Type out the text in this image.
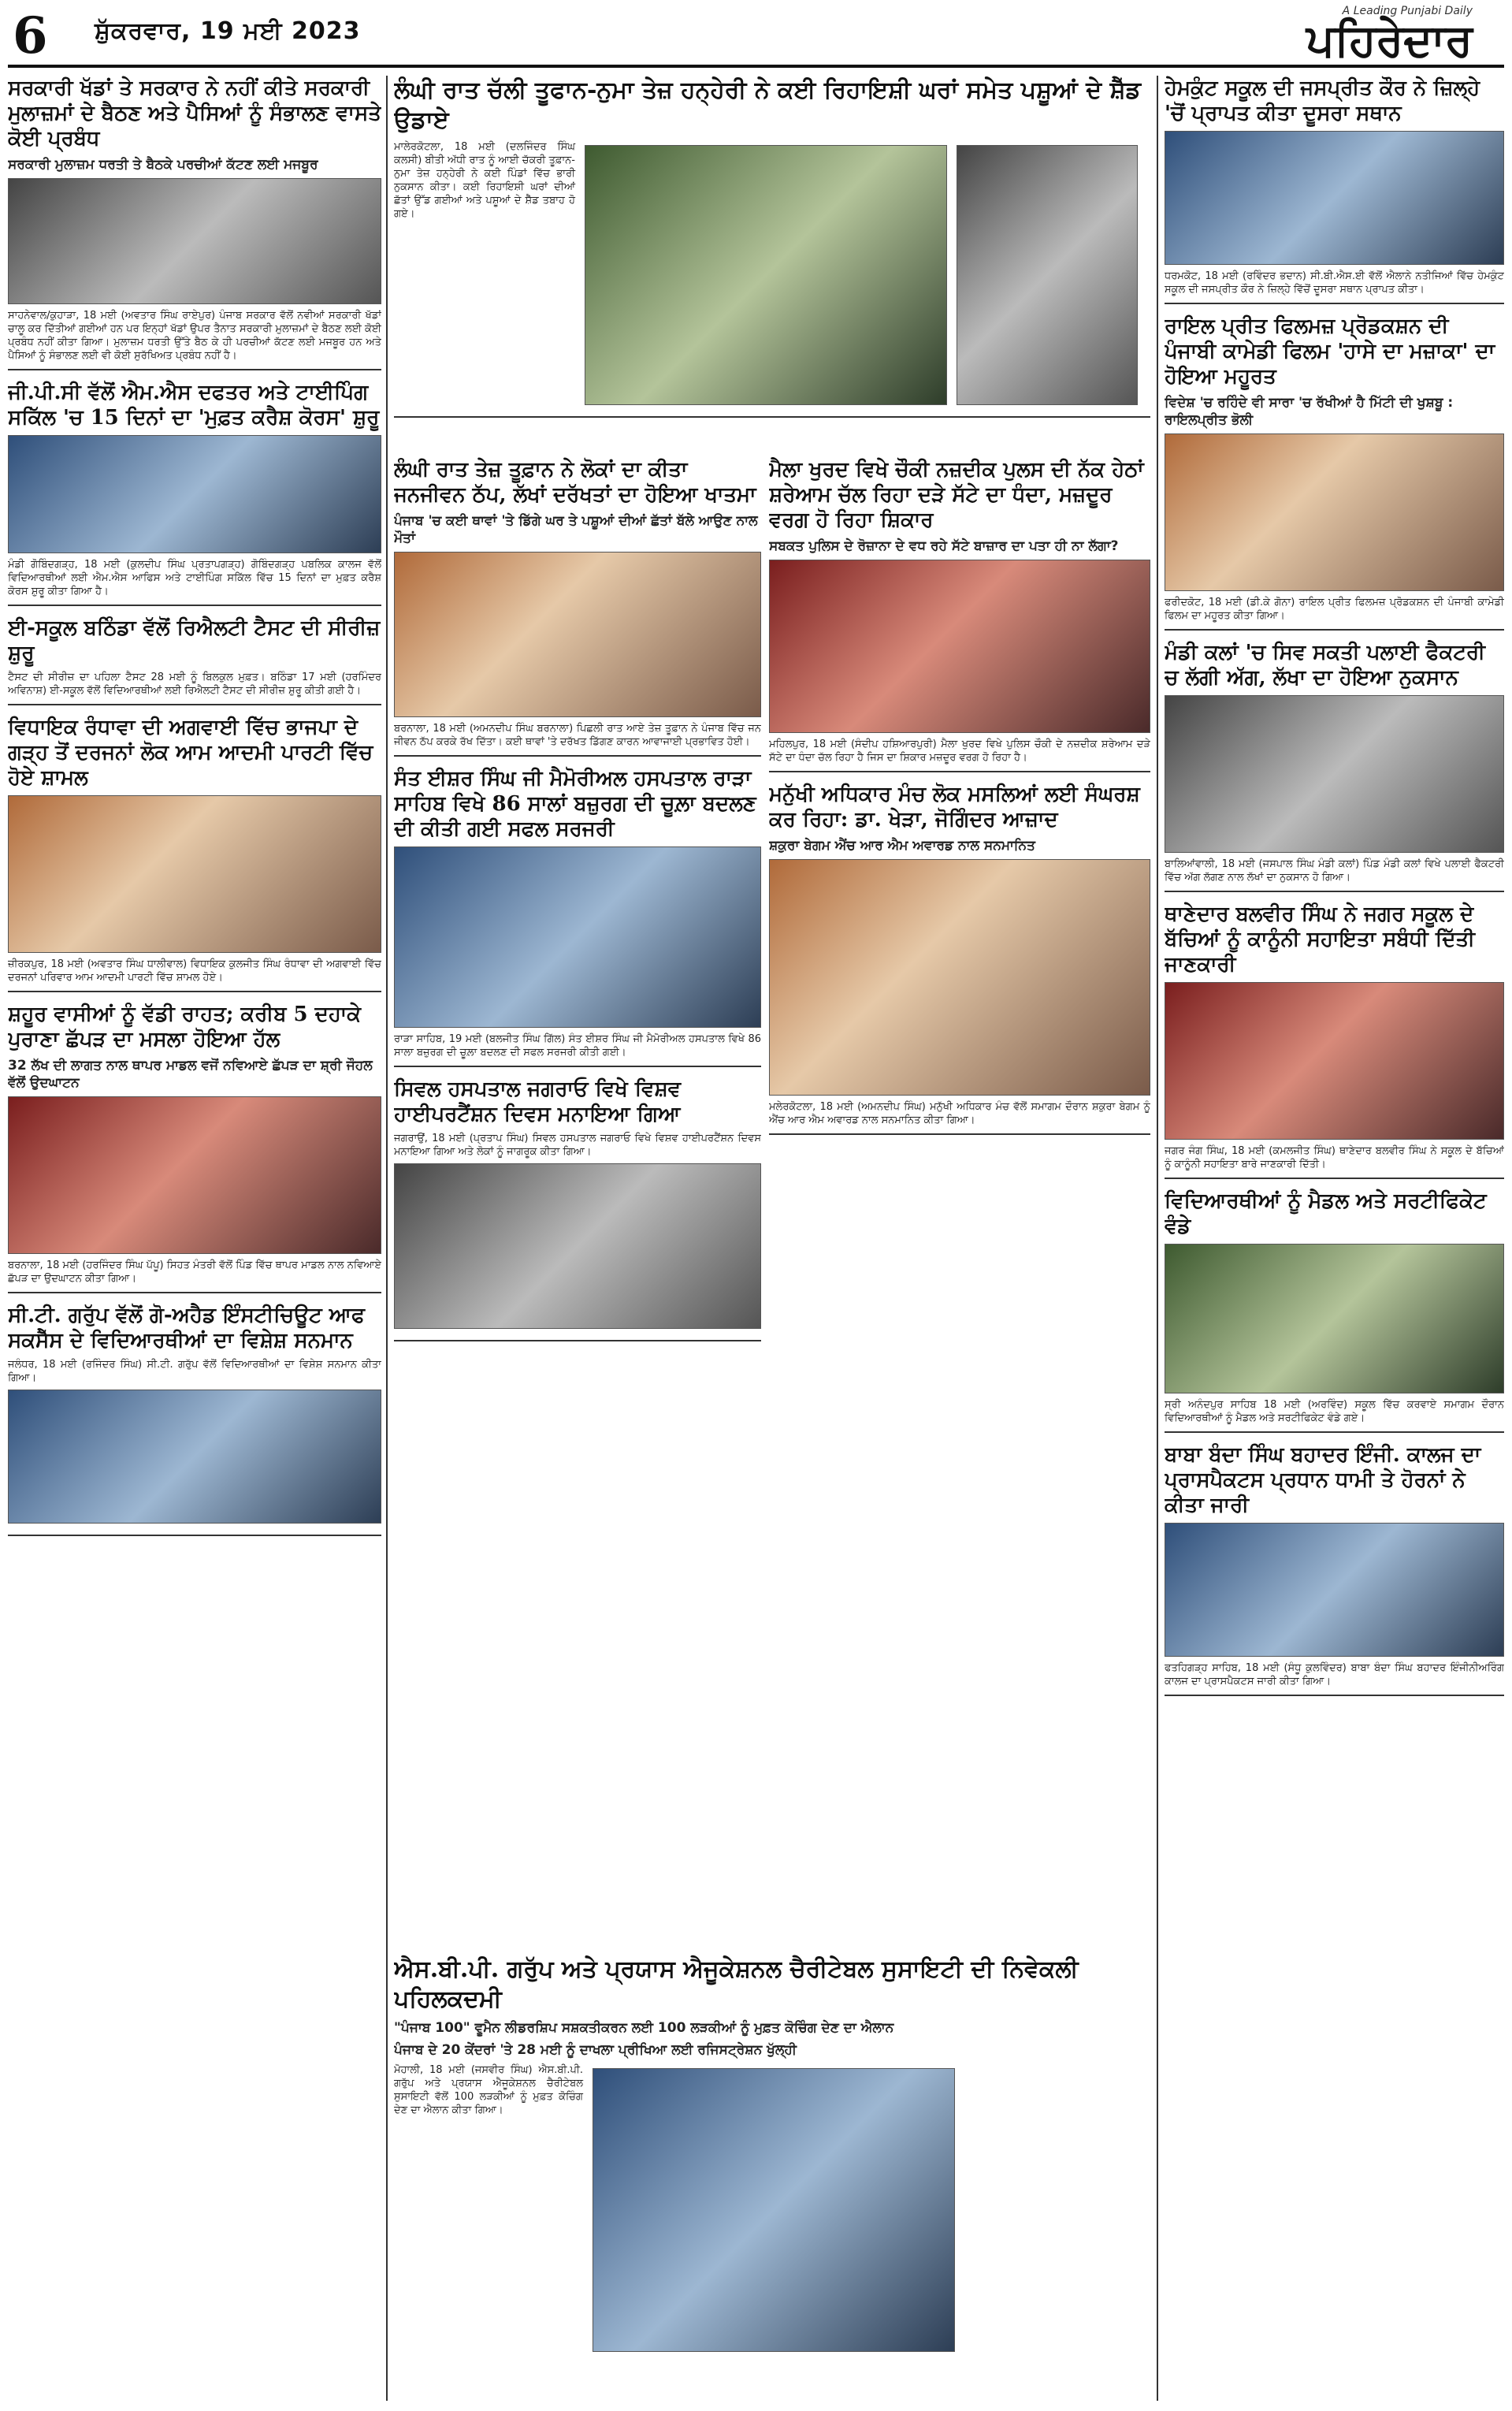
6 ਸ਼ੁੱਕਰਵਾਰ, 19 ਮਈ 2023
A Leading Punjabi Daily
ਪਹਿਰੇਦਾਰ
ਸਰਕਾਰੀ ਖੱਡਾਂ ਤੇ ਸਰਕਾਰ ਨੇ ਨਹੀਂ ਕੀਤੇ ਸਰਕਾਰੀ ਮੁਲਾਜ਼ਮਾਂ ਦੇ ਬੈਠਣ ਅਤੇ ਪੈਸਿਆਂ ਨੂੰ ਸੰਭਾਲਣ ਵਾਸਤੇ ਕੋਈ ਪ੍ਰਬੰਧ
ਸਰਕਾਰੀ ਮੁਲਾਜ਼ਮ ਧਰਤੀ ਤੇ ਬੈਠਕੇ ਪਰਚੀਆਂ ਕੱਟਣ ਲਈ ਮਜਬੂਰ
ਸਾਹਨੇਵਾਲ/ਕੁਹਾੜਾ, 18 ਮਈ (ਅਵਤਾਰ ਸਿੰਘ ਰਾਏਪੁਰ) ਪੰਜਾਬ ਸਰਕਾਰ ਵੱਲੋਂ ਨਵੀਆਂ ਸਰਕਾਰੀ ਖੱਡਾਂ ਚਾਲੂ ਕਰ ਦਿੱਤੀਆਂ ਗਈਆਂ ਹਨ ਪਰ ਇਨ੍ਹਾਂ ਖੱਡਾਂ ਉਪਰ ਤੈਨਾਤ ਸਰਕਾਰੀ ਮੁਲਾਜ਼ਮਾਂ ਦੇ ਬੈਠਣ ਲਈ ਕੋਈ ਪ੍ਰਬੰਧ ਨਹੀਂ ਕੀਤਾ ਗਿਆ। ਮੁਲਾਜ਼ਮ ਧਰਤੀ ਉੱਤੇ ਬੈਠ ਕੇ ਹੀ ਪਰਚੀਆਂ ਕੱਟਣ ਲਈ ਮਜਬੂਰ ਹਨ ਅਤੇ ਪੈਸਿਆਂ ਨੂੰ ਸੰਭਾਲਣ ਲਈ ਵੀ ਕੋਈ ਸੁਰੱਖਿਅਤ ਪ੍ਰਬੰਧ ਨਹੀਂ ਹੈ।
ਜੀ.ਪੀ.ਸੀ ਵੱਲੋਂ ਐਮ.ਐਸ ਦਫਤਰ ਅਤੇ ਟਾਈਪਿੰਗ ਸਕਿੱਲ 'ਚ 15 ਦਿਨਾਂ ਦਾ 'ਮੁਫ਼ਤ ਕਰੈਸ਼ ਕੋਰਸ' ਸ਼ੁਰੂ
ਮੰਡੀ ਗੋਬਿੰਦਗੜ੍ਹ, 18 ਮਈ (ਕੁਲਦੀਪ ਸਿੰਘ ਪ੍ਰਤਾਪਗੜ੍ਹ) ਗੋਬਿੰਦਗੜ੍ਹ ਪਬਲਿਕ ਕਾਲਜ ਵੱਲੋਂ ਵਿਦਿਆਰਥੀਆਂ ਲਈ ਐਮ.ਐਸ ਆਫਿਸ ਅਤੇ ਟਾਈਪਿੰਗ ਸਕਿੱਲ ਵਿੱਚ 15 ਦਿਨਾਂ ਦਾ ਮੁਫ਼ਤ ਕਰੈਸ਼ ਕੋਰਸ ਸ਼ੁਰੂ ਕੀਤਾ ਗਿਆ ਹੈ।
ਈ-ਸਕੂਲ ਬਠਿੰਡਾ ਵੱਲੋਂ ਰਿਐਲਟੀ ਟੈਸਟ ਦੀ ਸੀਰੀਜ਼ ਸ਼ੁਰੂ
ਟੈਸਟ ਦੀ ਸੀਰੀਜ਼ ਦਾ ਪਹਿਲਾ ਟੈਸਟ 28 ਮਈ ਨੂੰ ਬਿਲਕੁਲ ਮੁਫ਼ਤ। ਬਠਿੰਡਾ 17 ਮਈ (ਹਰਮਿੰਦਰ ਅਵਿਨਾਸ਼) ਈ-ਸਕੂਲ ਵੱਲੋਂ ਵਿਦਿਆਰਥੀਆਂ ਲਈ ਰਿਐਲਟੀ ਟੈਸਟ ਦੀ ਸੀਰੀਜ਼ ਸ਼ੁਰੂ ਕੀਤੀ ਗਈ ਹੈ।
ਵਿਧਾਇਕ ਰੰਧਾਵਾ ਦੀ ਅਗਵਾਈ ਵਿੱਚ ਭਾਜਪਾ ਦੇ ਗੜ੍ਹ ਤੋਂ ਦਰਜਨਾਂ ਲੋਕ ਆਮ ਆਦਮੀ ਪਾਰਟੀ ਵਿੱਚ ਹੋਏ ਸ਼ਾਮਲ
ਜ਼ੀਰਕਪੁਰ, 18 ਮਈ (ਅਵਤਾਰ ਸਿੰਘ ਧਾਲੀਵਾਲ) ਵਿਧਾਇਕ ਕੁਲਜੀਤ ਸਿੰਘ ਰੰਧਾਵਾ ਦੀ ਅਗਵਾਈ ਵਿੱਚ ਦਰਜਨਾਂ ਪਰਿਵਾਰ ਆਮ ਆਦਮੀ ਪਾਰਟੀ ਵਿੱਚ ਸ਼ਾਮਲ ਹੋਏ।
ਸ਼ਹੂਰ ਵਾਸੀਆਂ ਨੂੰ ਵੱਡੀ ਰਾਹਤ; ਕਰੀਬ 5 ਦਹਾਕੇ ਪੁਰਾਣਾ ਛੱਪੜ ਦਾ ਮਸਲਾ ਹੋਇਆ ਹੱਲ
32 ਲੱਖ ਦੀ ਲਾਗਤ ਨਾਲ ਥਾਪਰ ਮਾਡਲ ਵਜੋਂ ਨਵਿਆਏ ਛੱਪੜ ਦਾ ਸ਼੍ਰੀ ਜੌਹਲ ਵੱਲੋਂ ਉਦਘਾਟਨ
ਬਰਨਾਲਾ, 18 ਮਈ (ਹਰਜਿੰਦਰ ਸਿੰਘ ਪੱਪੂ) ਸਿਹਤ ਮੰਤਰੀ ਵੱਲੋਂ ਪਿੰਡ ਵਿੱਚ ਥਾਪਰ ਮਾਡਲ ਨਾਲ ਨਵਿਆਏ ਛੱਪੜ ਦਾ ਉਦਘਾਟਨ ਕੀਤਾ ਗਿਆ।
ਸੀ.ਟੀ. ਗਰੁੱਪ ਵੱਲੋਂ ਗੋ-ਅਹੈਡ ਇੰਸਟੀਚਿਊਟ ਆਫ ਸਕਸੈੱਸ ਦੇ ਵਿਦਿਆਰਥੀਆਂ ਦਾ ਵਿਸ਼ੇਸ਼ ਸਨਮਾਨ
ਜਲੰਧਰ, 18 ਮਈ (ਰਜਿੰਦਰ ਸਿੰਘ) ਸੀ.ਟੀ. ਗਰੁੱਪ ਵੱਲੋਂ ਵਿਦਿਆਰਥੀਆਂ ਦਾ ਵਿਸ਼ੇਸ਼ ਸਨਮਾਨ ਕੀਤਾ ਗਿਆ।
ਲੰਘੀ ਰਾਤ ਚੱਲੀ ਤੂਫਾਨ-ਨੁਮਾ ਤੇਜ਼ ਹਨ੍ਹੇਰੀ ਨੇ ਕਈ ਰਿਹਾਇਸ਼ੀ ਘਰਾਂ ਸਮੇਤ ਪਸ਼ੂਆਂ ਦੇ ਸ਼ੈੱਡ ਉਡਾਏ
ਮਾਲੇਰਕੋਟਲਾ, 18 ਮਈ (ਦਲਜਿੰਦਰ ਸਿੰਘ ਕਲਸੀ) ਬੀਤੀ ਅੱਧੀ ਰਾਤ ਨੂੰ ਆਈ ਚੱਕਰੀ ਤੂਫ਼ਾਨ-ਨੁਮਾ ਤੇਜ਼ ਹਨ੍ਹੇਰੀ ਨੇ ਕਈ ਪਿੰਡਾਂ ਵਿੱਚ ਭਾਰੀ ਨੁਕਸਾਨ ਕੀਤਾ। ਕਈ ਰਿਹਾਇਸ਼ੀ ਘਰਾਂ ਦੀਆਂ ਛੱਤਾਂ ਉੱਡ ਗਈਆਂ ਅਤੇ ਪਸ਼ੂਆਂ ਦੇ ਸ਼ੈੱਡ ਤਬਾਹ ਹੋ ਗਏ।
ਲੰਘੀ ਰਾਤ ਤੇਜ਼ ਤੂਫ਼ਾਨ ਨੇ ਲੋਕਾਂ ਦਾ ਕੀਤਾ ਜਨਜੀਵਨ ਠੱਪ, ਲੱਖਾਂ ਦਰੱਖਤਾਂ ਦਾ ਹੋਇਆ ਖਾਤਮਾ
ਪੰਜਾਬ 'ਚ ਕਈ ਥਾਵਾਂ 'ਤੇ ਡਿੱਗੇ ਘਰ ਤੇ ਪਸ਼ੂਆਂ ਦੀਆਂ ਛੱਤਾਂ ਬੱਲੇ ਆਉਣ ਨਾਲ ਮੌਤਾਂ
ਬਰਨਾਲਾ, 18 ਮਈ (ਅਮਨਦੀਪ ਸਿੰਘ ਬਰਨਾਲਾ) ਪਿਛਲੀ ਰਾਤ ਆਏ ਤੇਜ਼ ਤੂਫ਼ਾਨ ਨੇ ਪੰਜਾਬ ਵਿੱਚ ਜਨ ਜੀਵਨ ਠੱਪ ਕਰਕੇ ਰੱਖ ਦਿੱਤਾ। ਕਈ ਥਾਵਾਂ 'ਤੇ ਦਰੱਖਤ ਡਿੱਗਣ ਕਾਰਨ ਆਵਾਜਾਈ ਪ੍ਰਭਾਵਿਤ ਹੋਈ।
ਸੰਤ ਈਸ਼ਰ ਸਿੰਘ ਜੀ ਮੈਮੋਰੀਅਲ ਹਸਪਤਾਲ ਰਾੜਾ ਸਾਹਿਬ ਵਿਖੇ 86 ਸਾਲਾਂ ਬਜ਼ੁਰਗ ਦੀ ਚੂਲ਼ਾ ਬਦਲਣ ਦੀ ਕੀਤੀ ਗਈ ਸਫਲ ਸਰਜਰੀ
ਰਾੜਾ ਸਾਹਿਬ, 19 ਮਈ (ਬਲਜੀਤ ਸਿੰਘ ਗਿੱਲ) ਸੰਤ ਈਸ਼ਰ ਸਿੰਘ ਜੀ ਮੈਮੋਰੀਅਲ ਹਸਪਤਾਲ ਵਿਖੇ 86 ਸਾਲਾ ਬਜ਼ੁਰਗ ਦੀ ਚੂਲ਼ਾ ਬਦਲਣ ਦੀ ਸਫਲ ਸਰਜਰੀ ਕੀਤੀ ਗਈ।
ਸਿਵਲ ਹਸਪਤਾਲ ਜਗਰਾਓ ਵਿਖੇ ਵਿਸ਼ਵ ਹਾਈਪਰਟੈਂਸ਼ਨ ਦਿਵਸ ਮਨਾਇਆ ਗਿਆ
ਜਗਰਾਉਂ, 18 ਮਈ (ਪ੍ਰਤਾਪ ਸਿੰਘ) ਸਿਵਲ ਹਸਪਤਾਲ ਜਗਰਾਓ ਵਿਖੇ ਵਿਸ਼ਵ ਹਾਈਪਰਟੈਂਸ਼ਨ ਦਿਵਸ ਮਨਾਇਆ ਗਿਆ ਅਤੇ ਲੋਕਾਂ ਨੂੰ ਜਾਗਰੂਕ ਕੀਤਾ ਗਿਆ।
ਮੈਲਾ ਖੁਰਦ ਵਿਖੇ ਚੌਕੀ ਨਜ਼ਦੀਕ ਪੁਲਸ ਦੀ ਨੱਕ ਹੇਠਾਂ ਸ਼ਰੇਆਮ ਚੱਲ ਰਿਹਾ ਦੜੇ ਸੱਟੇ ਦਾ ਧੰਦਾ, ਮਜ਼ਦੂਰ ਵਰਗ ਹੋ ਰਿਹਾ ਸ਼ਿਕਾਰ
ਸਬਕਤ ਪੁਲਿਸ ਦੇ ਰੋਜ਼ਾਨਾ ਦੇ ਵਧ ਰਹੇ ਸੱਟੇ ਬਾਜ਼ਾਰ ਦਾ ਪਤਾ ਹੀ ਨਾ ਲੱਗਾ?
ਮਹਿਲਪੁਰ, 18 ਮਈ (ਸੰਦੀਪ ਹਸ਼ਿਆਰਪੁਰੀ) ਮੈਲਾ ਖੁਰਦ ਵਿਖੇ ਪੁਲਿਸ ਚੌਕੀ ਦੇ ਨਜ਼ਦੀਕ ਸ਼ਰੇਆਮ ਦੜੇ ਸੱਟੇ ਦਾ ਧੰਦਾ ਚੱਲ ਰਿਹਾ ਹੈ ਜਿਸ ਦਾ ਸ਼ਿਕਾਰ ਮਜ਼ਦੂਰ ਵਰਗ ਹੋ ਰਿਹਾ ਹੈ।
ਮਨੁੱਖੀ ਅਧਿਕਾਰ ਮੰਚ ਲੋਕ ਮਸਲਿਆਂ ਲਈ ਸੰਘਰਸ਼ ਕਰ ਰਿਹਾ: ਡਾ. ਖੇੜਾ, ਜੋਗਿੰਦਰ ਆਜ਼ਾਦ
ਸ਼ਕੁਰਾ ਬੇਗਮ ਐਂਚ ਆਰ ਐਮ ਅਵਾਰਡ ਨਾਲ ਸਨਮਾਨਿਤ
ਮਲੇਰਕੋਟਲਾ, 18 ਮਈ (ਅਮਨਦੀਪ ਸਿੰਘ) ਮਨੁੱਖੀ ਅਧਿਕਾਰ ਮੰਚ ਵੱਲੋਂ ਸਮਾਗਮ ਦੌਰਾਨ ਸ਼ਕੁਰਾ ਬੇਗਮ ਨੂੰ ਐਂਚ ਆਰ ਐਮ ਅਵਾਰਡ ਨਾਲ ਸਨਮਾਨਿਤ ਕੀਤਾ ਗਿਆ।
ਐਸ.ਬੀ.ਪੀ. ਗਰੁੱਪ ਅਤੇ ਪ੍ਰਯਾਸ ਐਜੂਕੇਸ਼ਨਲ ਚੈਰੀਟੇਬਲ ਸੁਸਾਇਟੀ ਦੀ ਨਿਵੇਕਲੀ ਪਹਿਲਕਦਮੀ
"ਪੰਜਾਬ 100" ਵੂਮੈਨ ਲੀਡਰਸ਼ਿਪ ਸਸ਼ਕਤੀਕਰਨ ਲਈ 100 ਲੜਕੀਆਂ ਨੂੰ ਮੁਫ਼ਤ ਕੋਚਿੰਗ ਦੇਣ ਦਾ ਐਲਾਨ
ਪੰਜਾਬ ਦੇ 20 ਕੇਂਦਰਾਂ 'ਤੇ 28 ਮਈ ਨੂੰ ਦਾਖਲਾ ਪ੍ਰੀਖਿਆ ਲਈ ਰਜਿਸਟ੍ਰੇਸ਼ਨ ਖੁੱਲ੍ਹੀ
ਮੋਹਾਲੀ, 18 ਮਈ (ਜਸਵੀਰ ਸਿੰਘ) ਐਸ.ਬੀ.ਪੀ. ਗਰੁੱਪ ਅਤੇ ਪ੍ਰਯਾਸ ਐਜੂਕੇਸ਼ਨਲ ਚੈਰੀਟੇਬਲ ਸੁਸਾਇਟੀ ਵੱਲੋਂ 100 ਲੜਕੀਆਂ ਨੂੰ ਮੁਫ਼ਤ ਕੋਚਿੰਗ ਦੇਣ ਦਾ ਐਲਾਨ ਕੀਤਾ ਗਿਆ।
ਹੇਮਕੁੰਟ ਸਕੂਲ ਦੀ ਜਸਪ੍ਰੀਤ ਕੌਰ ਨੇ ਜ਼ਿਲ੍ਹੇ 'ਚੋਂ ਪ੍ਰਾਪਤ ਕੀਤਾ ਦੂਸਰਾ ਸਥਾਨ
ਧਰਮਕੋਟ, 18 ਮਈ (ਰਵਿੰਦਰ ਭਦਾਨ) ਸੀ.ਬੀ.ਐਸ.ਈ ਵੱਲੋਂ ਐਲਾਨੇ ਨਤੀਜਿਆਂ ਵਿੱਚ ਹੇਮਕੁੰਟ ਸਕੂਲ ਦੀ ਜਸਪ੍ਰੀਤ ਕੌਰ ਨੇ ਜ਼ਿਲ੍ਹੇ ਵਿੱਚੋਂ ਦੂਸਰਾ ਸਥਾਨ ਪ੍ਰਾਪਤ ਕੀਤਾ।
ਰਾਇਲ ਪ੍ਰੀਤ ਫਿਲਮਜ਼ ਪ੍ਰੋਡਕਸ਼ਨ ਦੀ ਪੰਜਾਬੀ ਕਾਮੇਡੀ ਫਿਲਮ 'ਹਾਸੇ ਦਾ ਮਜ਼ਾਕਾ' ਦਾ ਹੋਇਆ ਮਹੂਰਤ
ਵਿਦੇਸ਼ 'ਚ ਰਹਿੰਦੇ ਵੀ ਸਾਰਾ 'ਚ ਰੱਖੀਆਂ ਹੈ ਮਿੱਟੀ ਦੀ ਖੁਸ਼ਬੂ : ਰਾਇਲਪ੍ਰੀਤ ਭੋਲੀ
ਫਰੀਦਕੋਟ, 18 ਮਈ (ਡੀ.ਕੇ ਗੋਨਾ) ਰਾਇਲ ਪ੍ਰੀਤ ਫਿਲਮਜ਼ ਪ੍ਰੋਡਕਸ਼ਨ ਦੀ ਪੰਜਾਬੀ ਕਾਮੇਡੀ ਫਿਲਮ ਦਾ ਮਹੂਰਤ ਕੀਤਾ ਗਿਆ।
ਮੰਡੀ ਕਲਾਂ 'ਚ ਸਿਵ ਸਕਤੀ ਪਲਾਈ ਫੈਕਟਰੀ ਚ ਲੱਗੀ ਅੱਗ, ਲੱਖਾ ਦਾ ਹੋਇਆ ਨੁਕਸਾਨ
ਬਾਲਿਆਂਵਾਲੀ, 18 ਮਈ (ਜਸਪਾਲ ਸਿੰਘ ਮੰਡੀ ਕਲਾਂ) ਪਿੰਡ ਮੰਡੀ ਕਲਾਂ ਵਿਖੇ ਪਲਾਈ ਫੈਕਟਰੀ ਵਿੱਚ ਅੱਗ ਲੱਗਣ ਨਾਲ ਲੱਖਾਂ ਦਾ ਨੁਕਸਾਨ ਹੋ ਗਿਆ।
ਥਾਣੇਦਾਰ ਬਲਵੀਰ ਸਿੰਘ ਨੇ ਜਗਰ ਸਕੂਲ ਦੇ ਬੱਚਿਆਂ ਨੂੰ ਕਾਨੂੰਨੀ ਸਹਾਇਤਾ ਸਬੰਧੀ ਦਿੱਤੀ ਜਾਣਕਾਰੀ
ਜਗਰ ਜੰਗ ਸਿੰਘ, 18 ਮਈ (ਕਮਲਜੀਤ ਸਿੰਘ) ਥਾਣੇਦਾਰ ਬਲਵੀਰ ਸਿੰਘ ਨੇ ਸਕੂਲ ਦੇ ਬੱਚਿਆਂ ਨੂੰ ਕਾਨੂੰਨੀ ਸਹਾਇਤਾ ਬਾਰੇ ਜਾਣਕਾਰੀ ਦਿੱਤੀ।
ਵਿਦਿਆਰਥੀਆਂ ਨੂੰ ਮੈਡਲ ਅਤੇ ਸਰਟੀਫਿਕੇਟ ਵੰਡੇ
ਸ੍ਰੀ ਅਨੰਦਪੁਰ ਸਾਹਿਬ 18 ਮਈ (ਅਰਵਿੰਦ) ਸਕੂਲ ਵਿੱਚ ਕਰਵਾਏ ਸਮਾਗਮ ਦੌਰਾਨ ਵਿਦਿਆਰਥੀਆਂ ਨੂੰ ਮੈਡਲ ਅਤੇ ਸਰਟੀਫਿਕੇਟ ਵੰਡੇ ਗਏ।
ਬਾਬਾ ਬੰਦਾ ਸਿੰਘ ਬਹਾਦਰ ਇੰਜੀ. ਕਾਲਜ ਦਾ ਪ੍ਰਾਸਪੈਕਟਸ ਪ੍ਰਧਾਨ ਧਾਮੀ ਤੇ ਹੋਰਨਾਂ ਨੇ ਕੀਤਾ ਜਾਰੀ
ਫਤਹਿਗੜ੍ਹ ਸਾਹਿਬ, 18 ਮਈ (ਸੰਧੂ ਕੁਲਵਿੰਦਰ) ਬਾਬਾ ਬੰਦਾ ਸਿੰਘ ਬਹਾਦਰ ਇੰਜੀਨੀਅਰਿੰਗ ਕਾਲਜ ਦਾ ਪ੍ਰਾਸਪੈਕਟਸ ਜਾਰੀ ਕੀਤਾ ਗਿਆ।
